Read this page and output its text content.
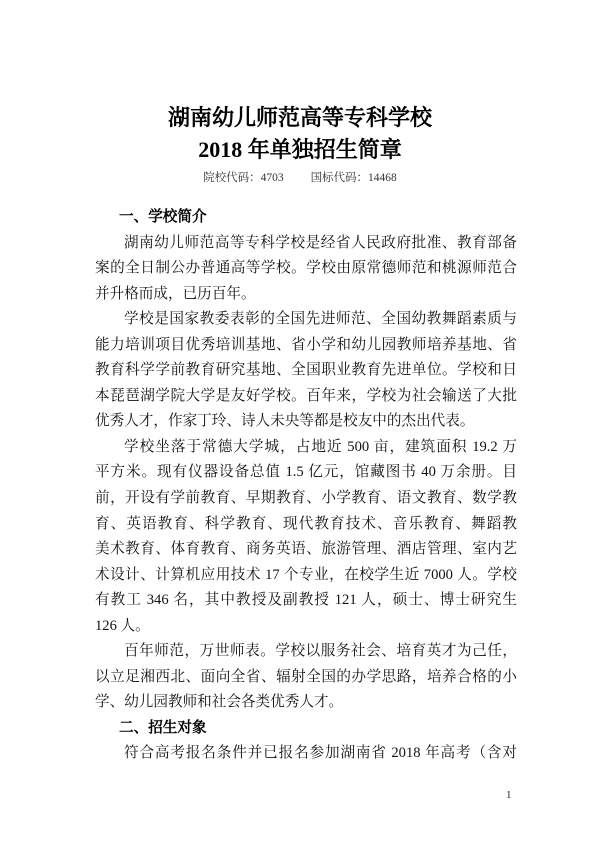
湖南幼儿师范高等专科学校
2018 年单独招生简章
院校代码：4703 国标代码：14468
一、学校简介
湖南幼儿师范高等专科学校是经省人民政府批准、教育部备
案的全日制公办普通高等学校。学校由原常德师范和桃源师范合
并升格而成，已历百年。
学校是国家教委表彰的全国先进师范、全国幼教舞蹈素质与
能力培训项目优秀培训基地、省小学和幼儿园教师培养基地、省
教育科学学前教育研究基地、全国职业教育先进单位。学校和日
本琵琶湖学院大学是友好学校。百年来，学校为社会输送了大批
优秀人才，作家丁玲、诗人未央等都是校友中的杰出代表。
学校坐落于常德大学城，占地近 500 亩，建筑面积 19.2 万
平方米。现有仪器设备总值 1.5 亿元，馆藏图书 40 万余册。目
前，开设有学前教育、早期教育、小学教育、语文教育、数学教
育、英语教育、科学教育、现代教育技术、音乐教育、舞蹈教
美术教育、体育教育、商务英语、旅游管理、酒店管理、室内艺
术设计、计算机应用技术 17 个专业，在校学生近 7000 人。学校
有教工 346 名，其中教授及副教授 121 人，硕士、博士研究生
126 人。
百年师范，万世师表。学校以服务社会、培育英才为己任，
以立足湘西北、面向全省、辐射全国的办学思路，培养合格的小
学、幼儿园教师和社会各类优秀人才。
二、招生对象
符合高考报名条件并已报名参加湖南省 2018 年高考（含对
1
